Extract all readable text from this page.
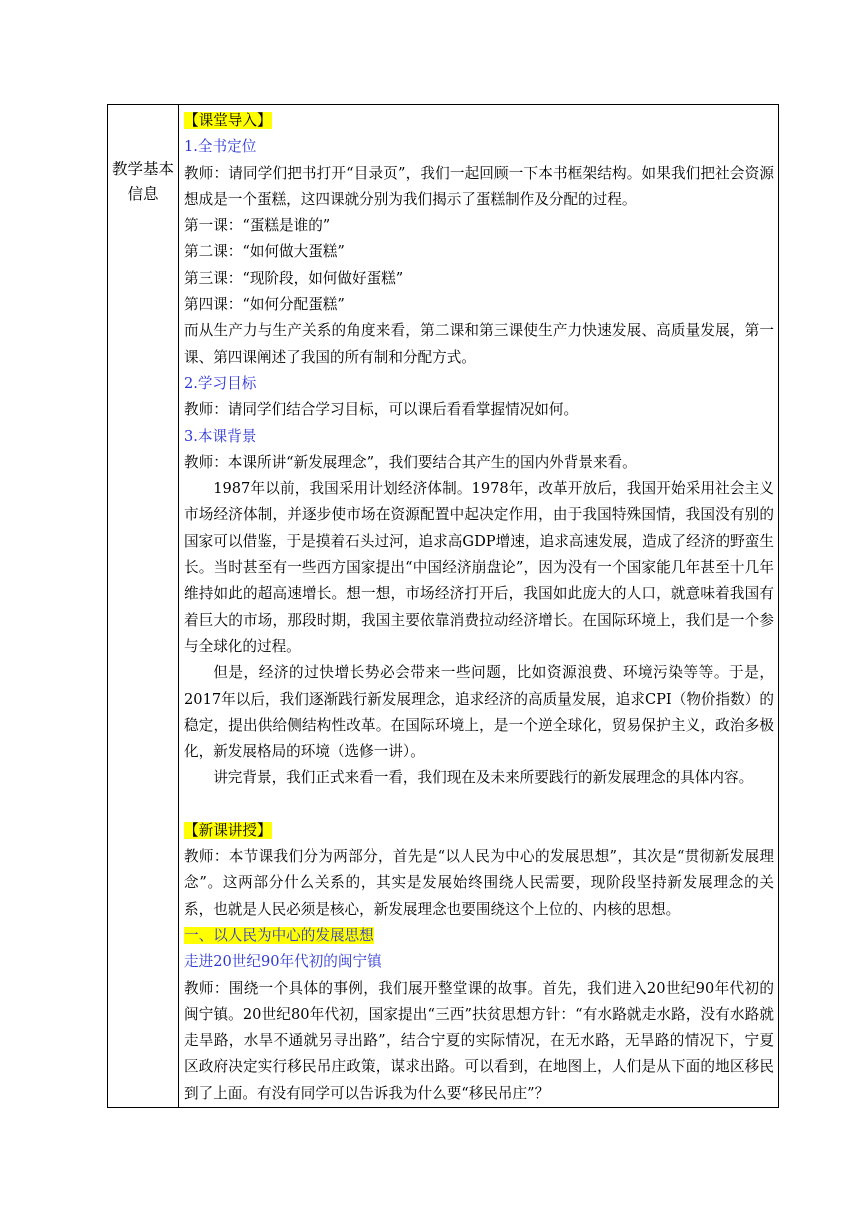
教学基本信息

【课堂导入】

1.全书定位

教师：请同学们把书打开“目录页”，我们一起回顾一下本书框架结构。如果我们把社会资源想成是一个蛋糕，这四课就分别为我们揭示了蛋糕制作及分配的过程。

第一课：“蛋糕是谁的”

第二课：“如何做大蛋糕”

第三课：“现阶段，如何做好蛋糕”

第四课：“如何分配蛋糕”

而从生产力与生产关系的角度来看，第二课和第三课使生产力快速发展、高质量发展，第一课、第四课阐述了我国的所有制和分配方式。

2.学习目标

教师：请同学们结合学习目标，可以课后看看掌握情况如何。

3.本课背景

教师：本课所讲“新发展理念”，我们要结合其产生的国内外背景来看。

1987年以前，我国采用计划经济体制。1978年，改革开放后，我国开始采用社会主义市场经济体制，并逐步使市场在资源配置中起决定作用，由于我国特殊国情，我国没有别的国家可以借鉴，于是摸着石头过河，追求高GDP增速，追求高速发展，造成了经济的野蛮生长。当时甚至有一些西方国家提出“中国经济崩盘论”，因为没有一个国家能几年甚至十几年维持如此的超高速增长。想一想，市场经济打开后，我国如此庞大的人口，就意味着我国有着巨大的市场，那段时期，我国主要依靠消费拉动经济增长。在国际环境上，我们是一个参与全球化的过程。

但是，经济的过快增长势必会带来一些问题，比如资源浪费、环境污染等等。于是，2017年以后，我们逐渐践行新发展理念，追求经济的高质量发展，追求CPI（物价指数）的稳定，提出供给侧结构性改革。在国际环境上，是一个逆全球化，贸易保护主义，政治多极化，新发展格局的环境（选修一讲）。

讲完背景，我们正式来看一看，我们现在及未来所要践行的新发展理念的具体内容。

【新课讲授】

教师：本节课我们分为两部分，首先是“以人民为中心的发展思想”，其次是“贯彻新发展理念”。这两部分什么关系的，其实是发展始终围绕人民需要，现阶段坚持新发展理念的关系，也就是人民必须是核心，新发展理念也要围绕这个上位的、内核的思想。

一、以人民为中心的发展思想

走进20世纪90年代初的闽宁镇

教师：围绕一个具体的事例，我们展开整堂课的故事。首先，我们进入20世纪90年代初的闽宁镇。20世纪80年代初，国家提出“三西”扶贫思想方针：“有水路就走水路，没有水路就走旱路，水旱不通就另寻出路”，结合宁夏的实际情况，在无水路，无旱路的情况下，宁夏区政府决定实行移民吊庄政策，谋求出路。可以看到，在地图上，人们是从下面的地区移民到了上面。有没有同学可以告诉我为什么要“移民吊庄”？
